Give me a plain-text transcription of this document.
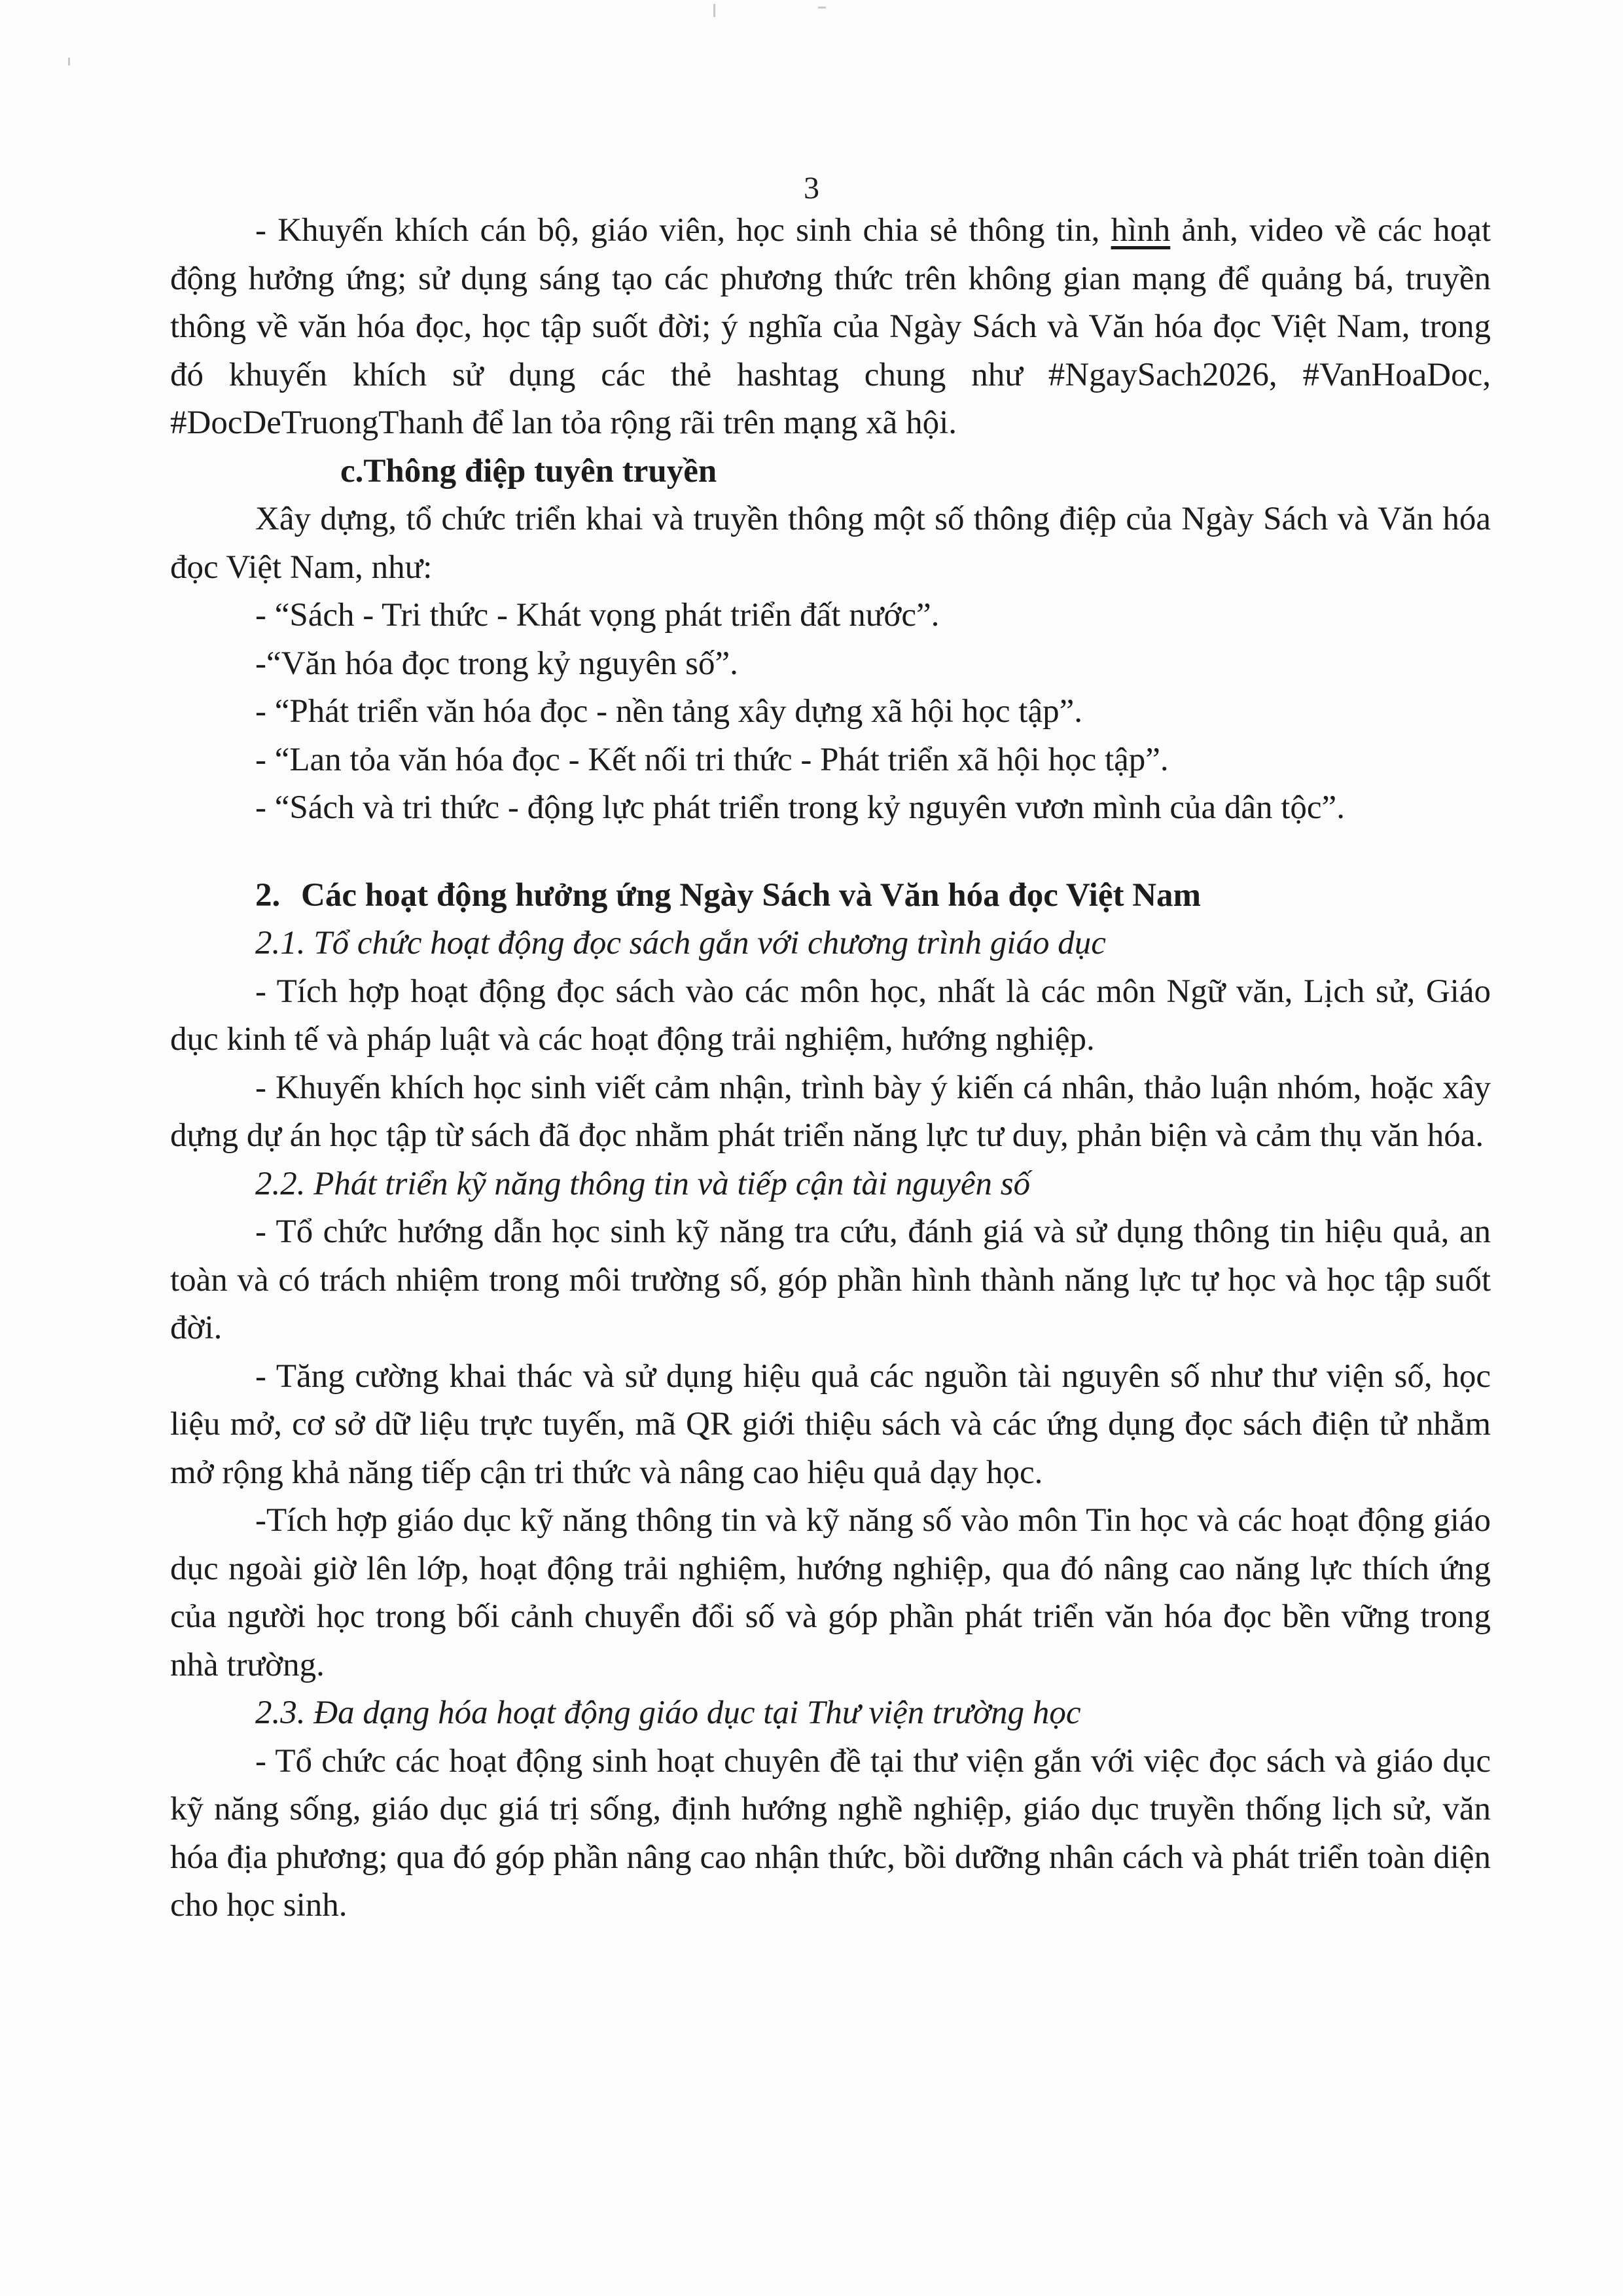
3

- Khuyến khích cán bộ, giáo viên, học sinh chia sẻ thông tin, hình ảnh, video về các hoạt động hưởng ứng; sử dụng sáng tạo các phương thức trên không gian mạng để quảng bá, truyền thông về văn hóa đọc, học tập suốt đời; ý nghĩa của Ngày Sách và Văn hóa đọc Việt Nam, trong đó khuyến khích sử dụng các thẻ hashtag chung như #NgaySach2026, #VanHoaDoc, #DocDeTruongThanh để lan tỏa rộng rãi trên mạng xã hội.

c.Thông điệp tuyên truyền

Xây dựng, tổ chức triển khai và truyền thông một số thông điệp của Ngày Sách và Văn hóa đọc Việt Nam, như:

- “Sách - Tri thức - Khát vọng phát triển đất nước”.

-“Văn hóa đọc trong kỷ nguyên số”.

- “Phát triển văn hóa đọc - nền tảng xây dựng xã hội học tập”.

- “Lan tỏa văn hóa đọc - Kết nối tri thức - Phát triển xã hội học tập”.

- “Sách và tri thức - động lực phát triển trong kỷ nguyên vươn mình của dân tộc”.

2. Các hoạt động hưởng ứng Ngày Sách và Văn hóa đọc Việt Nam

2.1. Tổ chức hoạt động đọc sách gắn với chương trình giáo dục

- Tích hợp hoạt động đọc sách vào các môn học, nhất là các môn Ngữ văn, Lịch sử, Giáo dục kinh tế và pháp luật và các hoạt động trải nghiệm, hướng nghiệp.

- Khuyến khích học sinh viết cảm nhận, trình bày ý kiến cá nhân, thảo luận nhóm, hoặc xây dựng dự án học tập từ sách đã đọc nhằm phát triển năng lực tư duy, phản biện và cảm thụ văn hóa.

2.2. Phát triển kỹ năng thông tin và tiếp cận tài nguyên số

- Tổ chức hướng dẫn học sinh kỹ năng tra cứu, đánh giá và sử dụng thông tin hiệu quả, an toàn và có trách nhiệm trong môi trường số, góp phần hình thành năng lực tự học và học tập suốt đời.

- Tăng cường khai thác và sử dụng hiệu quả các nguồn tài nguyên số như thư viện số, học liệu mở, cơ sở dữ liệu trực tuyến, mã QR giới thiệu sách và các ứng dụng đọc sách điện tử nhằm mở rộng khả năng tiếp cận tri thức và nâng cao hiệu quả dạy học.

-Tích hợp giáo dục kỹ năng thông tin và kỹ năng số vào môn Tin học và các hoạt động giáo dục ngoài giờ lên lớp, hoạt động trải nghiệm, hướng nghiệp, qua đó nâng cao năng lực thích ứng của người học trong bối cảnh chuyển đổi số và góp phần phát triển văn hóa đọc bền vững trong nhà trường.

2.3. Đa dạng hóa hoạt động giáo dục tại Thư viện trường học

- Tổ chức các hoạt động sinh hoạt chuyên đề tại thư viện gắn với việc đọc sách và giáo dục kỹ năng sống, giáo dục giá trị sống, định hướng nghề nghiệp, giáo dục truyền thống lịch sử, văn hóa địa phương; qua đó góp phần nâng cao nhận thức, bồi dưỡng nhân cách và phát triển toàn diện cho học sinh.
